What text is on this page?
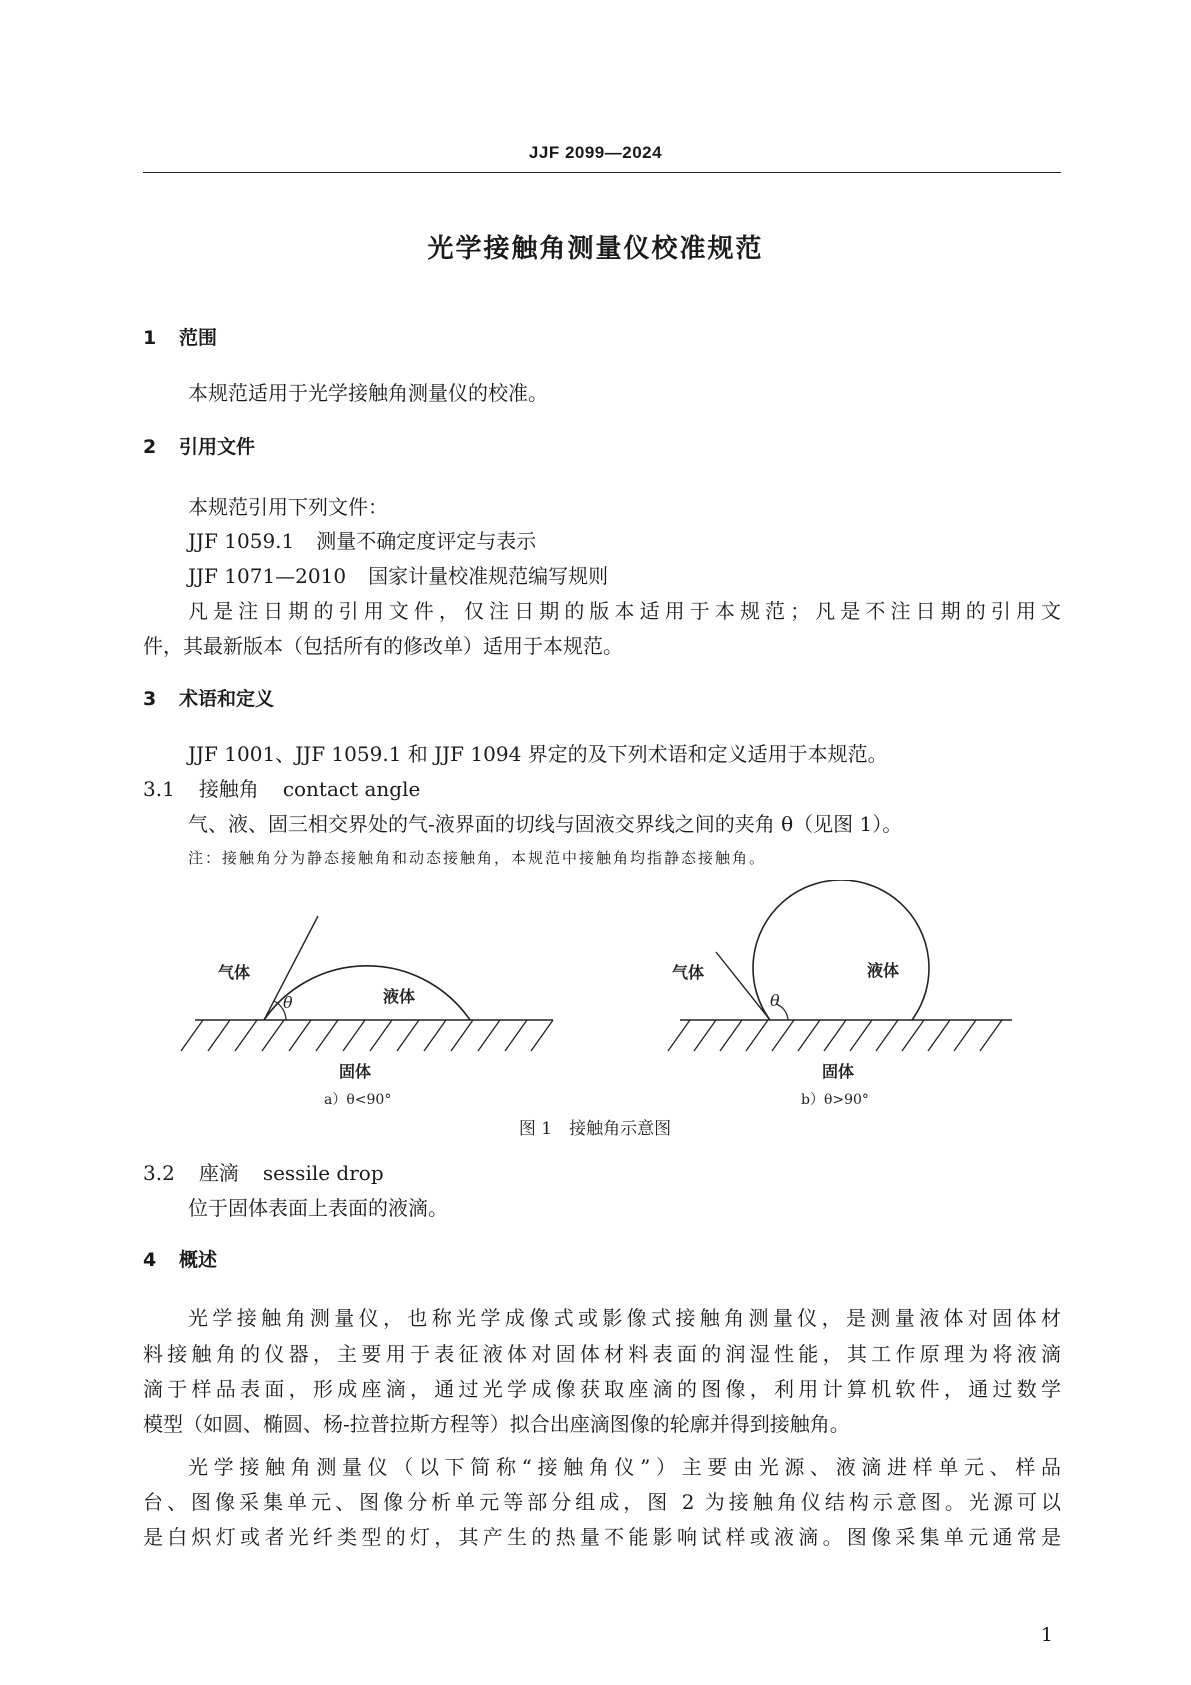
JJF 2099—2024
光学接触角测量仪校准规范
1 范围
本规范适用于光学接触角测量仪的校准。
2 引用文件
本规范引用下列文件：
JJF 1059.1 测量不确定度评定与表示
JJF 1071—2010 国家计量校准规范编写规则
凡是注日期的引用文件，仅注日期的版本适用于本规范；凡是不注日期的引用文
件，其最新版本（包括所有的修改单）适用于本规范。
3 术语和定义
JJF 1001、JJF 1059.1 和 JJF 1094 界定的及下列术语和定义适用于本规范。
3.1 接触角 contact angle
气、液、固三相交界处的气-液界面的切线与固液交界线之间的夹角 θ（见图 1）。
注：接触角分为静态接触角和动态接触角，本规范中接触角均指静态接触角。
θ
气体
液体
固体
θ
气体	液体
固体
a）θ<90°	b）θ>90°
图 1　接触角示意图
3.2 座滴 sessile drop
位于固体表面上表面的液滴。
4 概述
光学接触角测量仪，也称光学成像式或影像式接触角测量仪，是测量液体对固体材
料接触角的仪器，主要用于表征液体对固体材料表面的润湿性能，其工作原理为将液滴
滴于样品表面，形成座滴，通过光学成像获取座滴的图像，利用计算机软件，通过数学
模型（如圆、椭圆、杨-拉普拉斯方程等）拟合出座滴图像的轮廓并得到接触角。
光学接触角测量仪（以下简称“接触角仪”）主要由光源、液滴进样单元、样品
台、图像采集单元、图像分析单元等部分组成，图 2 为接触角仪结构示意图。光源可以
是白炽灯或者光纤类型的灯，其产生的热量不能影响试样或液滴。图像采集单元通常是
1
